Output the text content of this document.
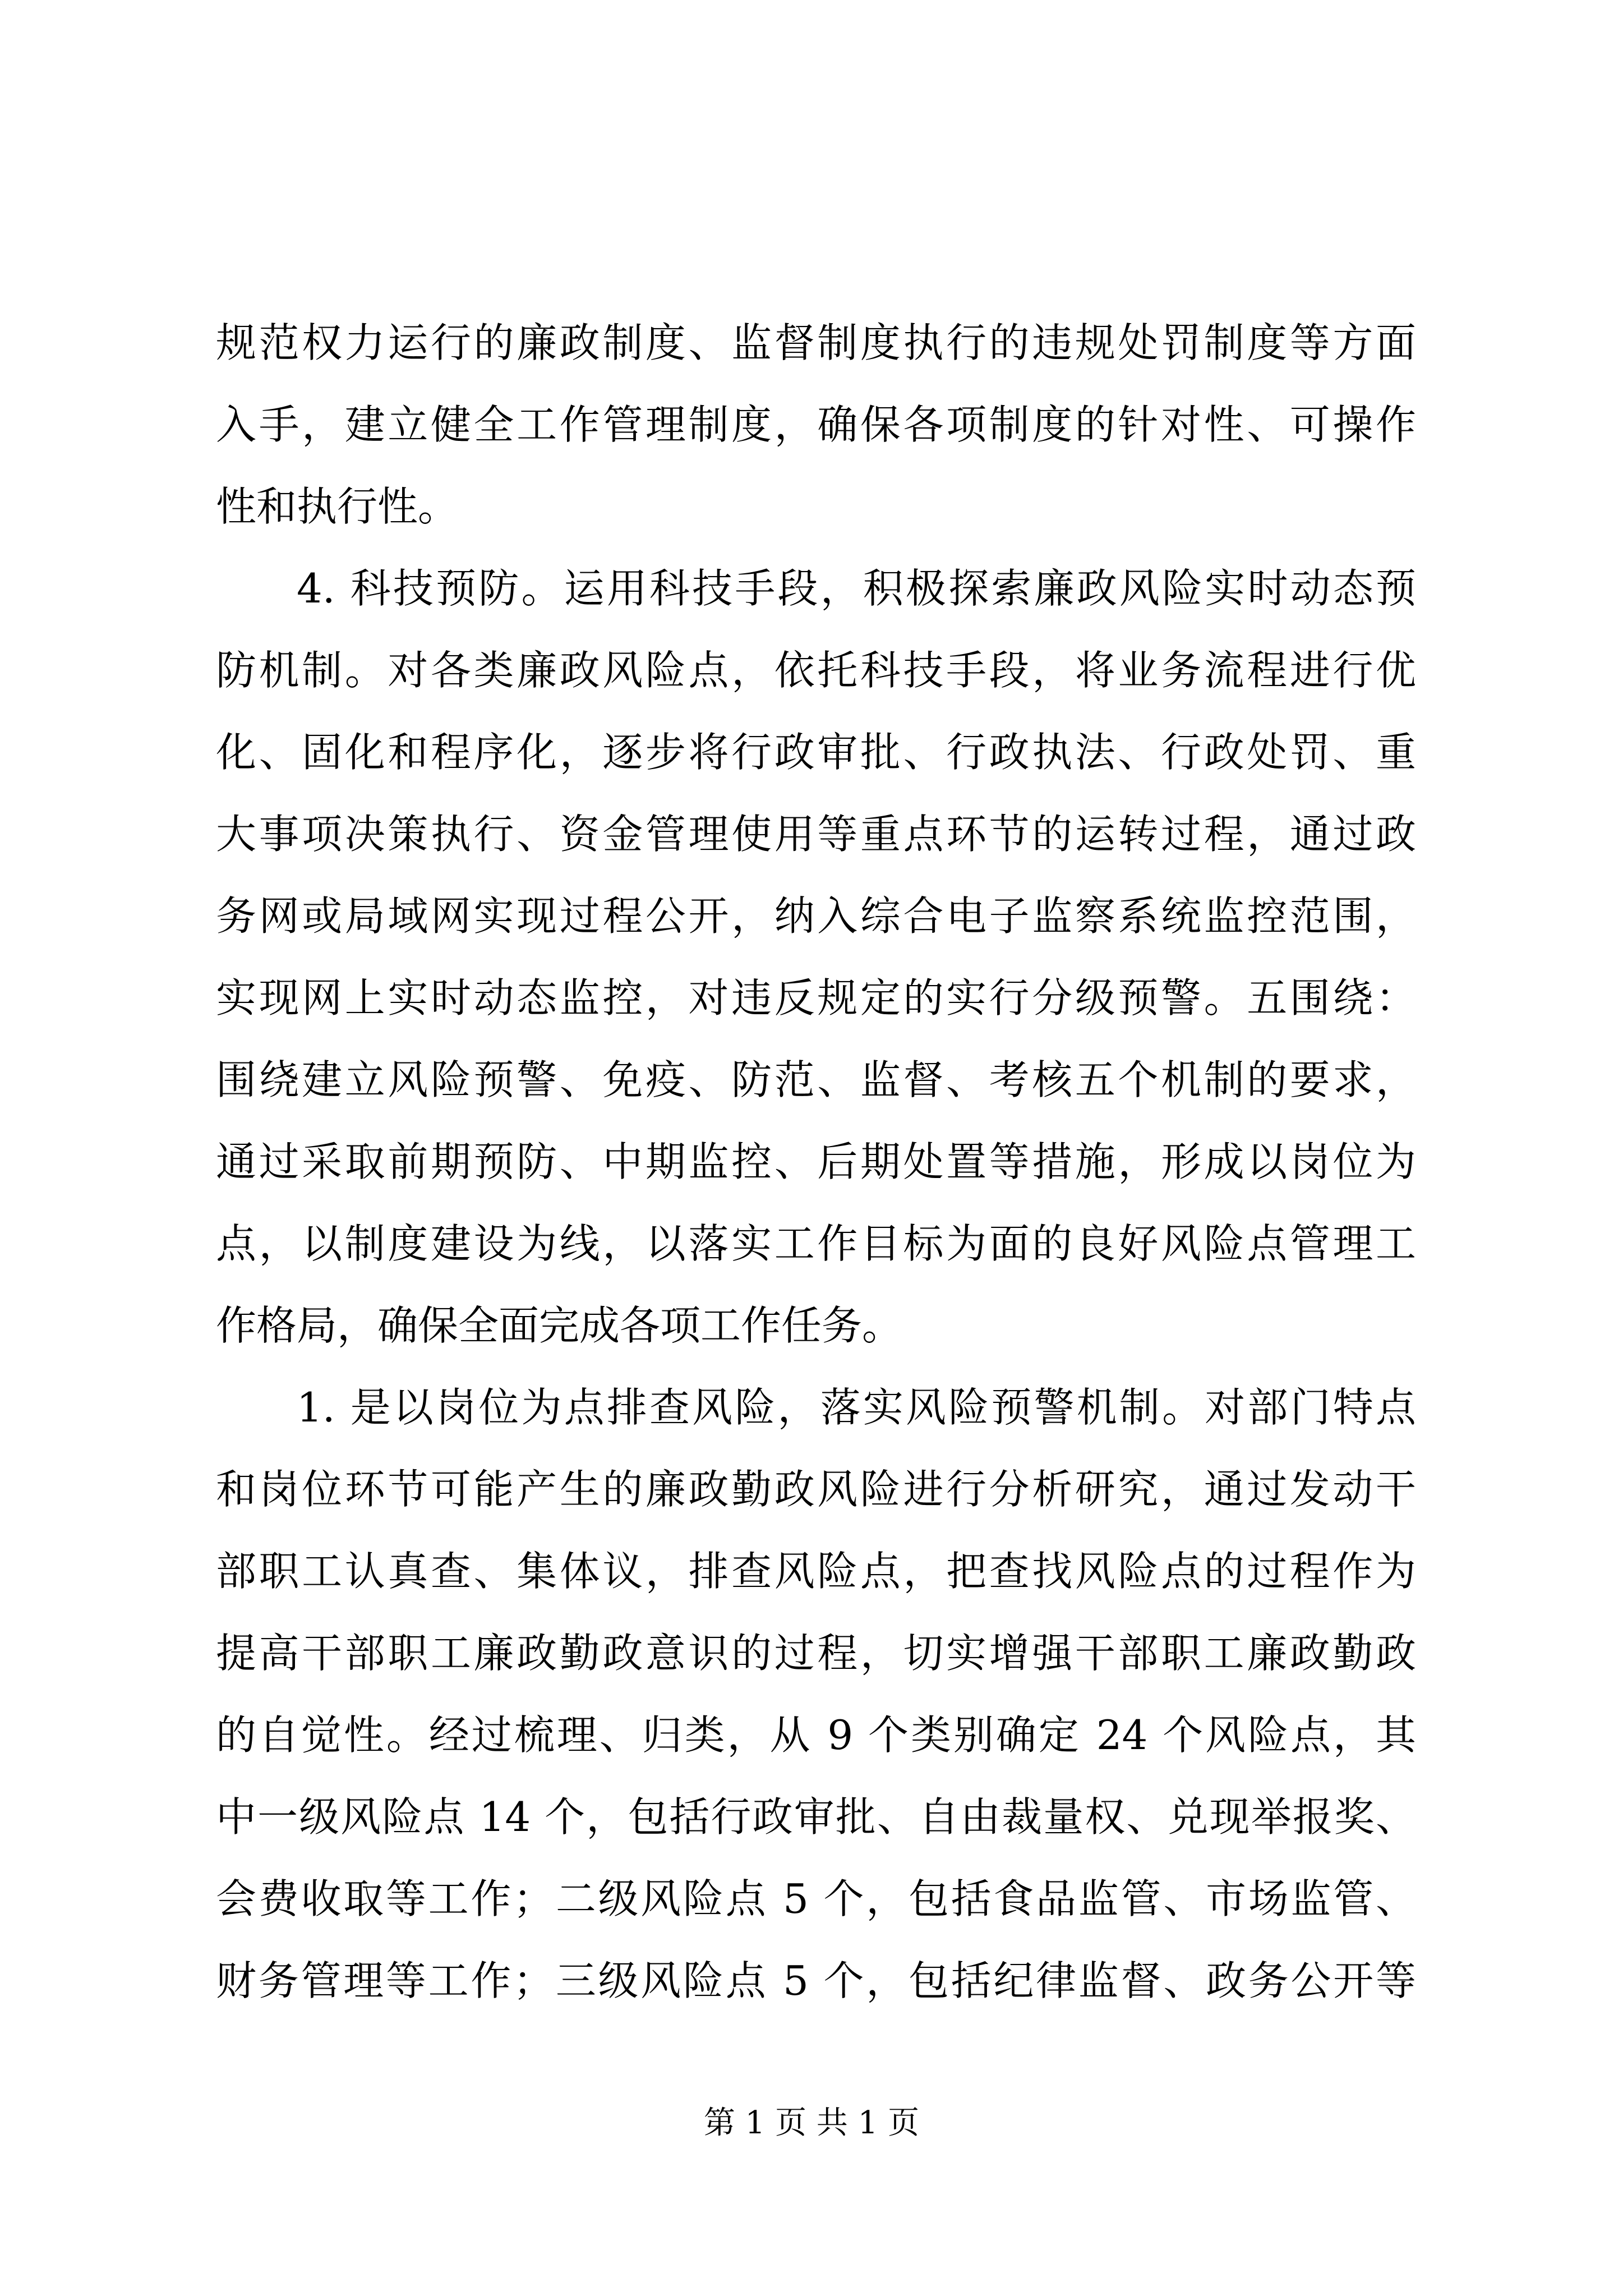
规范权力运行的廉政制度、监督制度执行的违规处罚制度等方面
入手，建立健全工作管理制度，确保各项制度的针对性、可操作
性和执行性。
4. 科技预防。运用科技手段，积极探索廉政风险实时动态预
防机制。对各类廉政风险点，依托科技手段，将业务流程进行优
化、固化和程序化，逐步将行政审批、行政执法、行政处罚、重
大事项决策执行、资金管理使用等重点环节的运转过程，通过政
务网或局域网实现过程公开，纳入综合电子监察系统监控范围，
实现网上实时动态监控，对违反规定的实行分级预警。五围绕：
围绕建立风险预警、免疫、防范、监督、考核五个机制的要求，
通过采取前期预防、中期监控、后期处置等措施，形成以岗位为
点，以制度建设为线，以落实工作目标为面的良好风险点管理工
作格局，确保全面完成各项工作任务。
1. 是以岗位为点排查风险，落实风险预警机制。对部门特点
和岗位环节可能产生的廉政勤政风险进行分析研究，通过发动干
部职工认真查、集体议，排查风险点，把查找风险点的过程作为
提高干部职工廉政勤政意识的过程，切实增强干部职工廉政勤政
的自觉性。经过梳理、归类，从 9 个类别确定 24 个风险点，其
中一级风险点 14 个，包括行政审批、自由裁量权、兑现举报奖、
会费收取等工作；二级风险点 5 个，包括食品监管、市场监管、
财务管理等工作；三级风险点 5 个，包括纪律监督、政务公开等
第 1 页 共 1 页
